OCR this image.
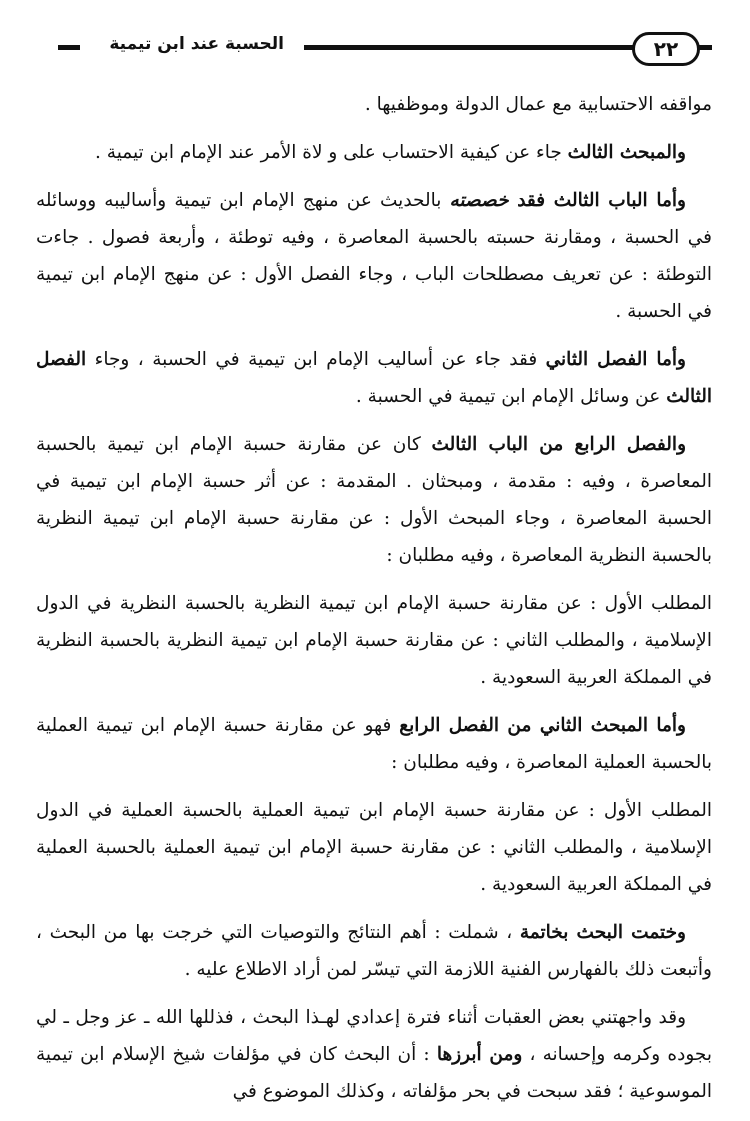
الحسبة عند ابن تيمية	٢٢

مواقفه الاحتسابية مع عمال الدولة وموظفيها .

والمبحث الثالث جاء عن كيفية الاحتساب على و لاة الأمر عند الإمام ابن تيمية .

وأما الباب الثالث فقد خصصته بالحديث عن منهج الإمام ابن تيمية وأساليبه ووسائله في الحسبة ، ومقارنة حسبته بالحسبة المعاصرة ، وفيه توطئة ، وأربعة فصول . جاءت التوطئة : عن تعريف مصطلحات الباب ، وجاء الفصل الأول : عن منهج الإمام ابن تيمية في الحسبة .

وأما الفصل الثاني فقد جاء عن أساليب الإمام ابن تيمية في الحسبة ، وجاء الفصل الثالث عن وسائل الإمام ابن تيمية في الحسبة .

والفصل الرابع من الباب الثالث كان عن مقارنة حسبة الإمام ابن تيمية بالحسبة المعاصرة ، وفيه : مقدمة ، ومبحثان . المقدمة : عن أثر حسبة الإمام ابن تيمية في الحسبة المعاصرة ، وجاء المبحث الأول : عن مقارنة حسبة الإمام ابن تيمية النظرية بالحسبة النظرية المعاصرة ، وفيه مطلبان :

المطلب الأول : عن مقارنة حسبة الإمام ابن تيمية النظرية بالحسبة النظرية في الدول الإسلامية ، والمطلب الثاني : عن مقارنة حسبة الإمام ابن تيمية النظرية بالحسبة النظرية في المملكة العربية السعودية .

وأما المبحث الثاني من الفصل الرابع فهو عن مقارنة حسبة الإمام ابن تيمية العملية بالحسبة العملية المعاصرة ، وفيه مطلبان :

المطلب الأول : عن مقارنة حسبة الإمام ابن تيمية العملية بالحسبة العملية في الدول الإسلامية ، والمطلب الثاني : عن مقارنة حسبة الإمام ابن تيمية العملية بالحسبة العملية في المملكة العربية السعودية .

وختمت البحث بخاتمة ، شملت : أهم النتائج والتوصيات التي خرجت بها من البحث ، وأتبعت ذلك بالفهارس الفنية اللازمة التي تيسّر لمن أراد الاطلاع عليه .

وقد واجهتني بعض العقبات أثناء فترة إعدادي لهـذا البحث ، فذللها الله ـ عز وجل ـ لي بجوده وكرمه وإحسانه ، ومن أبرزها : أن البحث كان في مؤلفات شيخ الإسلام ابن تيمية الموسوعية ؛ فقد سبحت في بحر مؤلفاته ، وكذلك الموضوع في
